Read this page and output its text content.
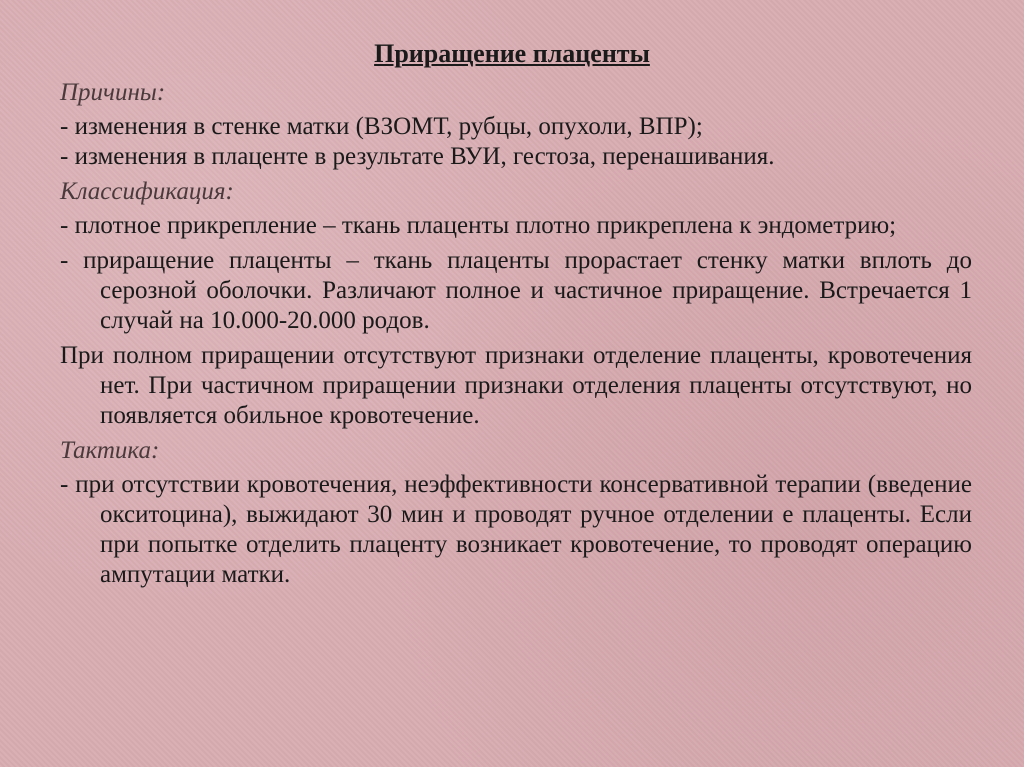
Приращение плаценты
Причины:
- изменения в стенке матки (ВЗОМТ, рубцы, опухоли, ВПР);
- изменения в плаценте в результате ВУИ, гестоза, перенашивания.
Классификация:
- плотное прикрепление – ткань плаценты плотно прикреплена к эндометрию;
- приращение плаценты – ткань плаценты прорастает стенку матки вплоть до серозной оболочки. Различают полное и частичное приращение. Встречается 1 случай на 10.000-20.000 родов.
При полном приращении отсутствуют признаки отделение плаценты, кровотечения нет. При частичном приращении признаки отделения плаценты отсутствуют, но появляется обильное кровотечение.
Тактика:
- при отсутствии кровотечения, неэффективности консервативной терапии (введение окситоцина), выжидают 30 мин и проводят ручное отделении е плаценты. Если при попытке отделить плаценту возникает кровотечение, то проводят операцию ампутации матки.
